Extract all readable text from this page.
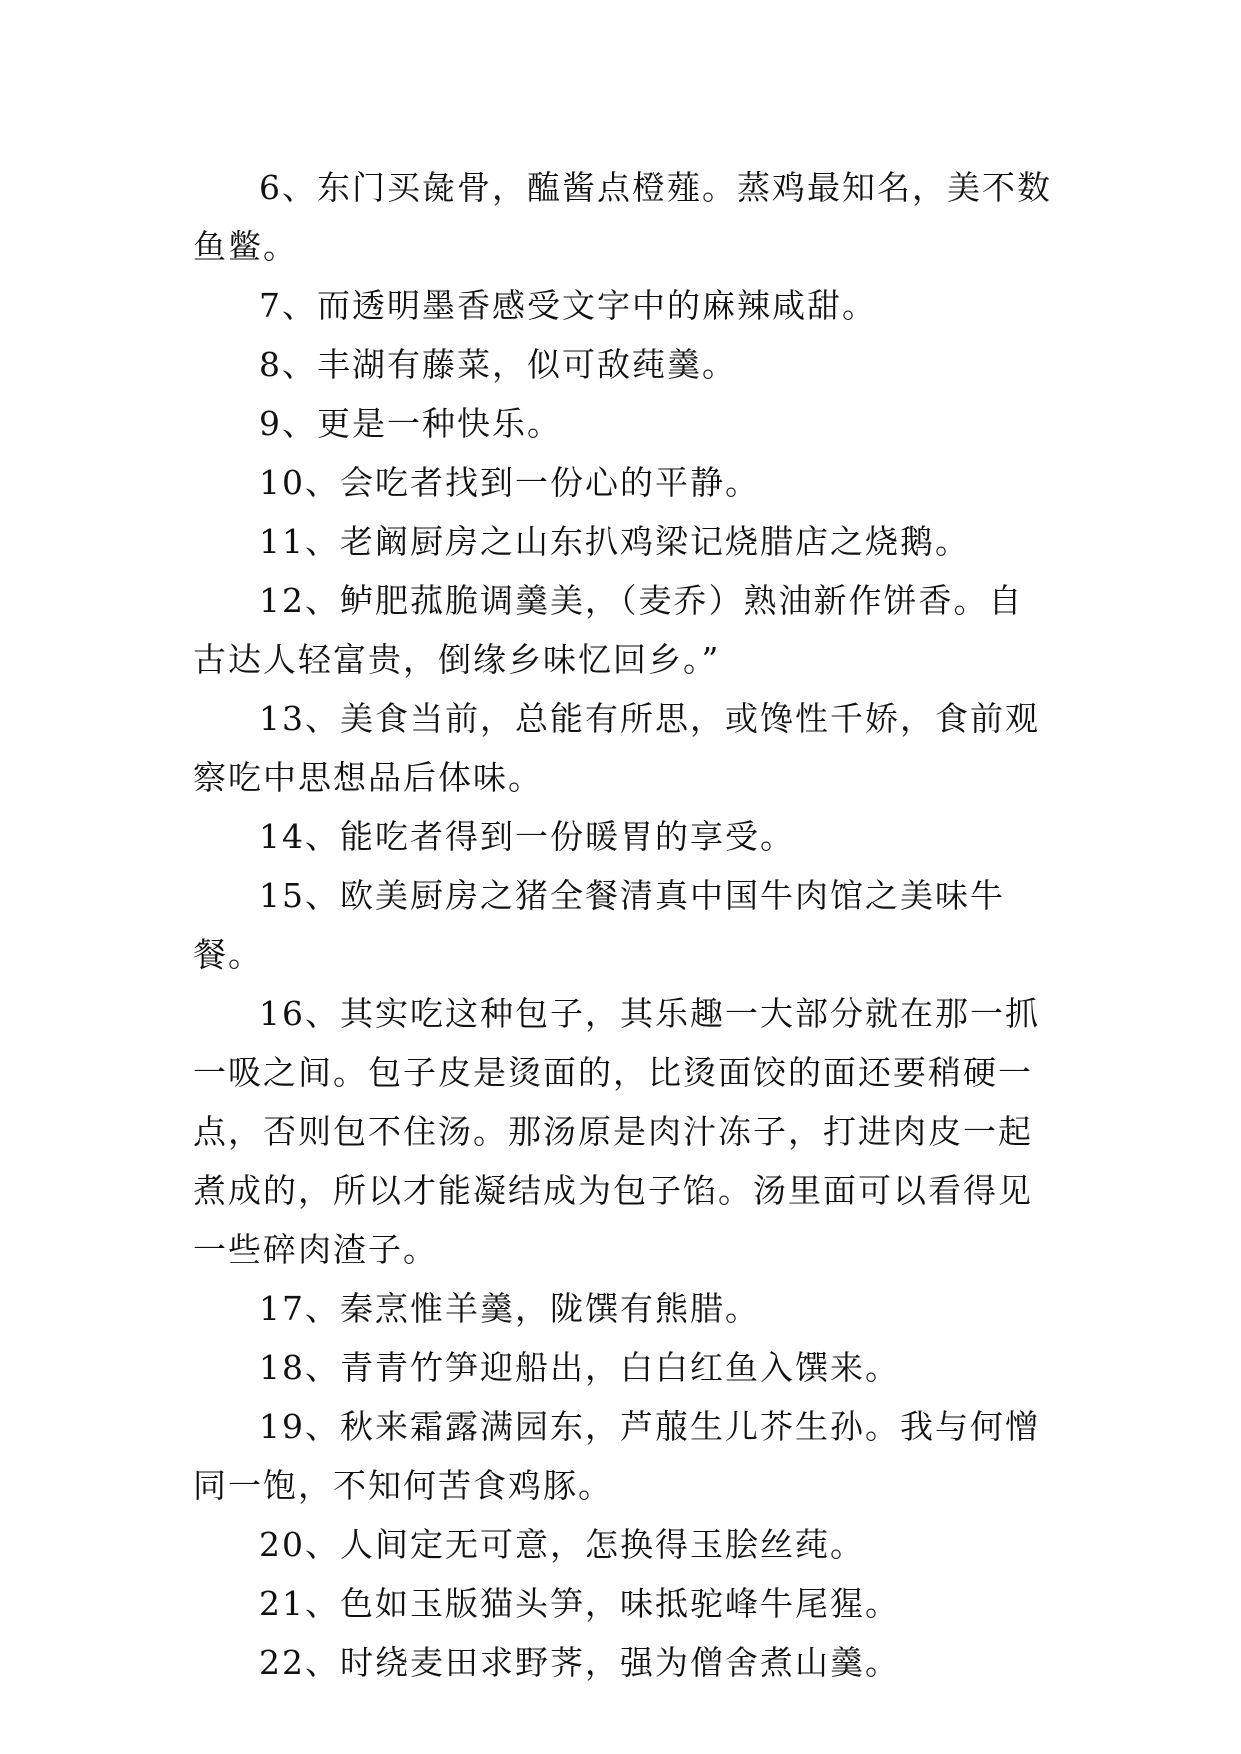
6、东门买彘骨，醢酱点橙薤。蒸鸡最知名，美不数鱼鳖。

7、而透明墨香感受文字中的麻辣咸甜。

8、丰湖有藤菜，似可敌莼羹。

9、更是一种快乐。

10、会吃者找到一份心的平静。

11、老阚厨房之山东扒鸡梁记烧腊店之烧鹅。

12、鲈肥菰脆调羹美，（麦乔）熟油新作饼香。自古达人轻富贵，倒缘乡味忆回乡。”

13、美食当前，总能有所思，或馋性千娇，食前观察吃中思想品后体味。

14、能吃者得到一份暖胃的享受。

15、欧美厨房之猪全餐清真中国牛肉馆之美味牛餐。

16、其实吃这种包子，其乐趣一大部分就在那一抓一吸之间。包子皮是烫面的，比烫面饺的面还要稍硬一点，否则包不住汤。那汤原是肉汁冻子，打进肉皮一起煮成的，所以才能凝结成为包子馅。汤里面可以看得见一些碎肉渣子。

17、秦烹惟羊羹，陇馔有熊腊。

18、青青竹笋迎船出，白白红鱼入馔来。

19、秋来霜露满园东，芦菔生儿芥生孙。我与何憎同一饱，不知何苦食鸡豚。

20、人间定无可意，怎换得玉脍丝莼。

21、色如玉版猫头笋，味抵驼峰牛尾猩。

22、时绕麦田求野荠，强为僧舍煮山羹。
